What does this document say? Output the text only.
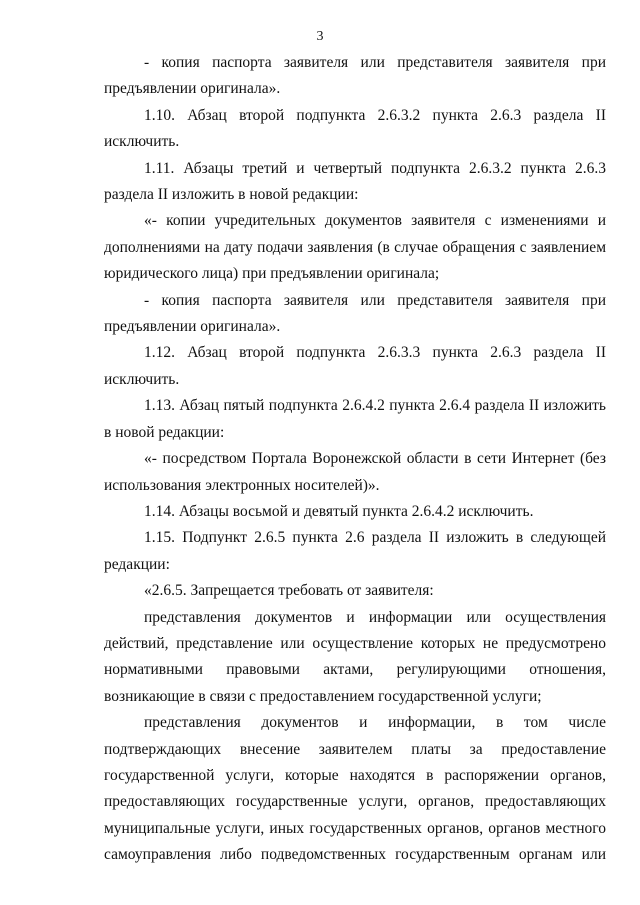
3

- копия паспорта заявителя или представителя заявителя при предъявлении оригинала».

1.10. Абзац второй подпункта 2.6.3.2 пункта 2.6.3 раздела II исключить.

1.11. Абзацы третий и четвертый подпункта 2.6.3.2 пункта 2.6.3 раздела II изложить в новой редакции:

«- копии учредительных документов заявителя с изменениями и дополнениями на дату подачи заявления (в случае обращения с заявлением юридического лица) при предъявлении оригинала;

- копия паспорта заявителя или представителя заявителя при предъявлении оригинала».

1.12. Абзац второй подпункта 2.6.3.3 пункта 2.6.3 раздела II исключить.

1.13. Абзац пятый подпункта 2.6.4.2 пункта 2.6.4 раздела II изложить в новой редакции:

«- посредством Портала Воронежской области в сети Интернет (без использования электронных носителей)».

1.14. Абзацы восьмой и девятый пункта 2.6.4.2 исключить.

1.15. Подпункт 2.6.5 пункта 2.6 раздела II изложить в следующей редакции:

«2.6.5. Запрещается требовать от заявителя:

представления документов и информации или осуществления действий, представление или осуществление которых не предусмотрено нормативными правовыми актами, регулирующими отношения, возникающие в связи с предоставлением государственной услуги;

представления документов и информации, в том числе подтверждающих внесение заявителем платы за предоставление государственной услуги, которые находятся в распоряжении органов, предоставляющих государственные услуги, органов, предоставляющих муниципальные услуги, иных государственных органов, органов местного самоуправления либо подведомственных государственным органам или
